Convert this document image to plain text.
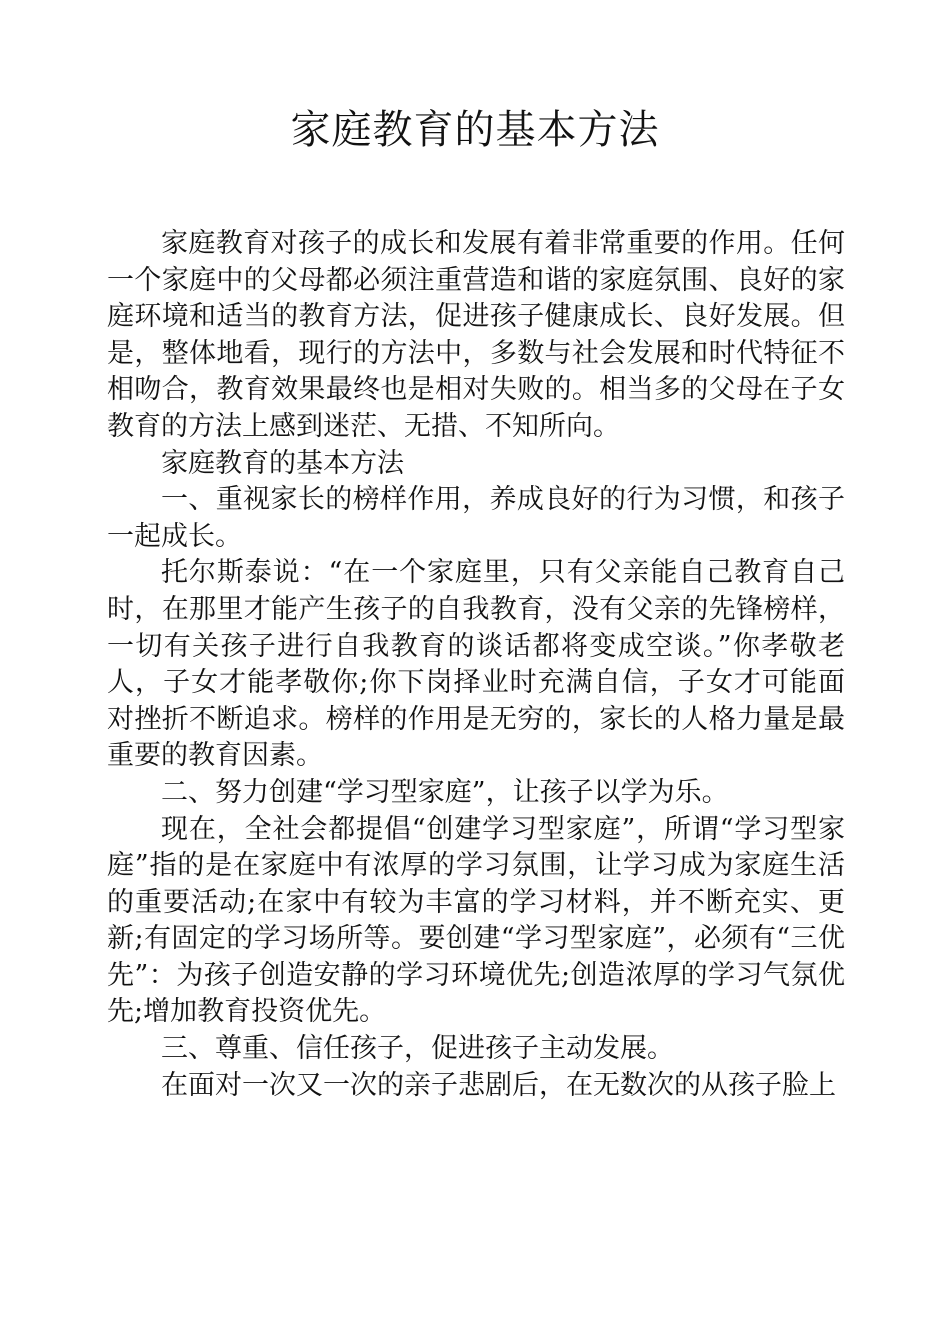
家庭教育的基本方法

家庭教育对孩子的成长和发展有着非常重要的作用。任何一个家庭中的父母都必须注重营造和谐的家庭氛围、良好的家庭环境和适当的教育方法，促进孩子健康成长、良好发展。但是，整体地看，现行的方法中，多数与社会发展和时代特征不相吻合，教育效果最终也是相对失败的。相当多的父母在子女教育的方法上感到迷茫、无措、不知所向。

家庭教育的基本方法

一、重视家长的榜样作用，养成良好的行为习惯，和孩子一起成长。

托尔斯泰说：“在一个家庭里，只有父亲能自己教育自己时，在那里才能产生孩子的自我教育，没有父亲的先锋榜样，一切有关孩子进行自我教育的谈话都将变成空谈。”你孝敬老人，子女才能孝敬你;你下岗择业时充满自信，子女才可能面对挫折不断追求。榜样的作用是无穷的，家长的人格力量是最重要的教育因素。

二、努力创建“学习型家庭”，让孩子以学为乐。

现在，全社会都提倡“创建学习型家庭”，所谓“学习型家庭”指的是在家庭中有浓厚的学习氛围，让学习成为家庭生活的重要活动;在家中有较为丰富的学习材料，并不断充实、更新;有固定的学习场所等。要创建“学习型家庭”，必须有“三优先”：为孩子创造安静的学习环境优先;创造浓厚的学习气氛优先;增加教育投资优先。

三、尊重、信任孩子，促进孩子主动发展。

在面对一次又一次的亲子悲剧后，在无数次的从孩子脸上
